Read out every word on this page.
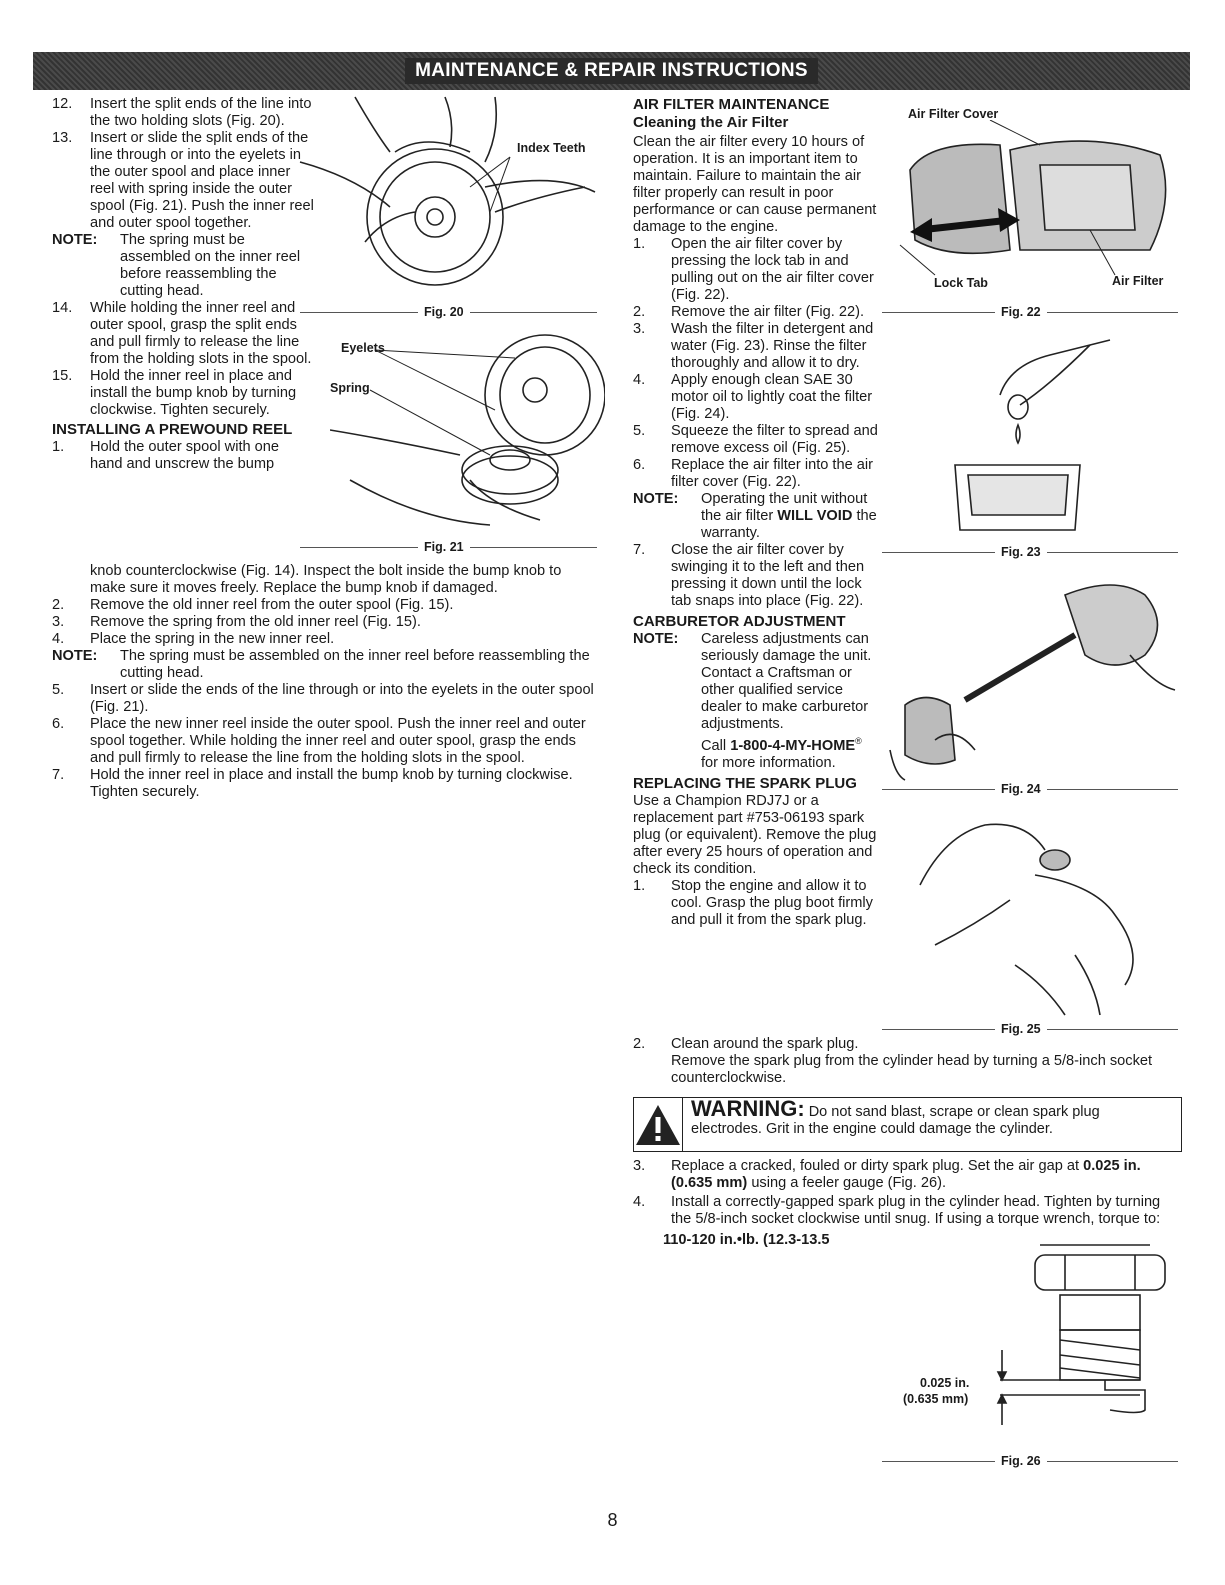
MAINTENANCE & REPAIR INSTRUCTIONS
12. Insert the split ends of the line into the two holding slots (Fig. 20).
13. Insert or slide the split ends of the line through or into the eyelets in the outer spool and place inner reel with spring inside the outer spool (Fig. 21). Push the inner reel and outer spool together.
NOTE: The spring must be assembled on the inner reel before reassembling the cutting head.
14. While holding the inner reel and outer spool, grasp the split ends and pull firmly to release the line from the holding slots in the spool.
15. Hold the inner reel in place and install the bump knob by turning clockwise. Tighten securely.
INSTALLING A PREWOUND REEL
1. Hold the outer spool with one hand and unscrew the bump
knob counterclockwise (Fig. 14). Inspect the bolt inside the bump knob to make sure it moves freely. Replace the bump knob if damaged.
2. Remove the old inner reel from the outer spool (Fig. 15).
3. Remove the spring from the old inner reel (Fig. 15).
4. Place the spring in the new inner reel.
NOTE: The spring must be assembled on the inner reel before reassembling the cutting head.
5. Insert or slide the ends of the line through or into the eyelets in the outer spool (Fig. 21).
6. Place the new inner reel inside the outer spool. Push the inner reel and outer spool together. While holding the inner reel and outer spool, grasp the ends and pull firmly to release the line from the holding slots in the spool.
7. Hold the inner reel in place and install the bump knob by turning clockwise. Tighten securely.
Index Teeth
Fig. 20
Eyelets
Spring
Fig. 21
AIR FILTER MAINTENANCE
Cleaning the Air Filter
Clean the air filter every 10 hours of operation. It is an important item to maintain. Failure to maintain the air filter properly can result in poor performance or can cause permanent damage to the engine.
1. Open the air filter cover by pressing the lock tab in and pulling out on the air filter cover (Fig. 22).
2. Remove the air filter (Fig. 22).
3. Wash the filter in detergent and water (Fig. 23). Rinse the filter thoroughly and allow it to dry.
4. Apply enough clean SAE 30 motor oil to lightly coat the filter (Fig. 24).
5. Squeeze the filter to spread and remove excess oil (Fig. 25).
6. Replace the air filter into the air filter cover (Fig. 22).
NOTE: Operating the unit without the air filter WILL VOID the warranty.
7. Close the air filter cover by swinging it to the left and then pressing it down until the lock tab snaps into place (Fig. 22).
CARBURETOR ADJUSTMENT
NOTE: Careless adjustments can seriously damage the unit. Contact a Craftsman or other qualified service dealer to make carburetor adjustments.
Call 1-800-4-MY-HOME® for more information.
REPLACING THE SPARK PLUG
Use a Champion RDJ7J or a replacement part #753-06193 spark plug (or equivalent). Remove the plug after every 25 hours of operation and check its condition.
1. Stop the engine and allow it to cool. Grasp the plug boot firmly and pull it from the spark plug.
2. Clean around the spark plug.
Remove the spark plug from the cylinder head by turning a 5/8-inch socket counterclockwise.
WARNING: Do not sand blast, scrape or clean spark plug electrodes. Grit in the engine could damage the cylinder.
3. Replace a cracked, fouled or dirty spark plug. Set the air gap at 0.025 in. (0.635 mm) using a feeler gauge (Fig. 26).
4. Install a correctly-gapped spark plug in the cylinder head. Tighten by turning the 5/8-inch socket clockwise until snug. If using a torque wrench, torque to:
110-120 in.•lb. (12.3-13.5
Air Filter Cover
Lock Tab	Air Filter
Fig. 22
Fig. 23
Fig. 24
Fig. 25
0.025 in.
(0.635 mm)
Fig. 26
8
